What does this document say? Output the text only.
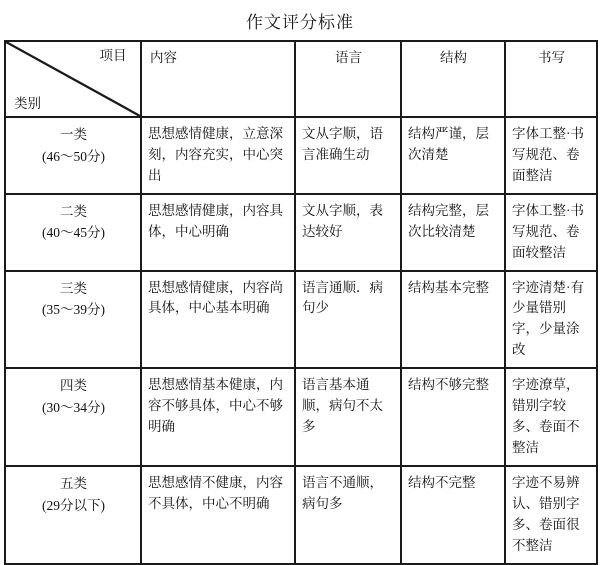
作文评分标准
项目
类别	内容	语言	结构	书写

一类
(46～50分)	思想感情健康，立意深刻，内容充实，中心突出	文从字顺，语言准确生动	结构严谨，层次清楚	字体工整·书写规范、卷面整洁

二类
(40～45分)	思想感情健康，内容具体，中心明确	文从字顺，表达较好	结构完整，层次比较清楚	字体工整·书写规范、卷面较整洁

三类
(35～39分)	思想感情健康，内容尚具体，中心基本明确	语言通顺．病句少	结构基本完整	字迹清楚·有少量错别字，少量涂改

四类
(30～34分)	思想感情基本健康，内容不够具体，中心不够明确	语言基本通顺，病句不太多	结构不够完整	字迹潦草，错别字较多、卷面不整洁

五类
(29分以下)	思想感情不健康，内容不具体，中心不明确	语言不通顺，病句多	结构不完整	字迹不易辨认、错别字多、卷面很不整洁
